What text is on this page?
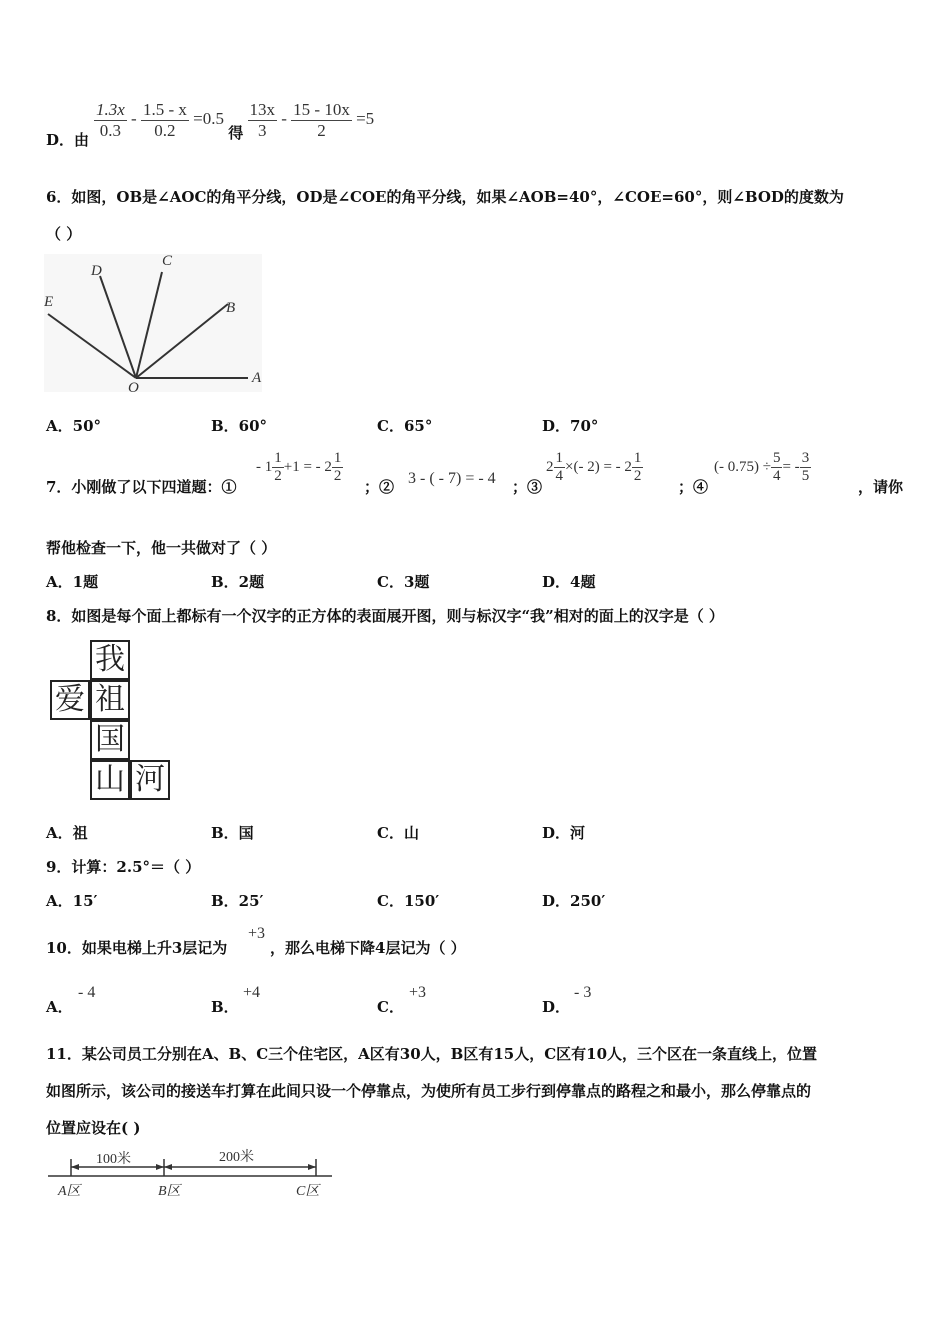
D．由 $\frac{1.3x}{0.3} - \frac{1.5 - x}{0.2} =0.5$ 得 $\frac{13x}{3} - \frac{15 - 10x}{2} =5$
6．如图，OB是∠AOC的角平分线，OD是∠COE的角平分线，如果∠AOB=40°，∠COE=60°，则∠BOD的度数为
（ ）
D
C
E	B
O
A
A．50°	B．60°	C．65°	D．70°
7．小刚做了以下四道题：①
- $1 \frac{1}{2} +1$ = - $2 \frac{1}{2}$
；② 3 - ( - 7) = - 4 ；③
$2 \frac{1}{4}$ ×(- 2) = - $2 \frac{1}{2}$
；④
(- $0.75) \div \frac{5}{4}$ = - $\frac{3}{5}$
，请你
帮他检查一下，他一共做对了（ ）
A．1题	B．2题	C．3题	D．4题
8．如图是每个面上都标有一个汉字的正方体的表面展开图，则与标汉字“我”相对的面上的汉字是（ ）
我
爱 祖
国
山 河
A．祖	B．国	C．山	D．河
9．计算：2.5°＝（ ）
A．15′	B．25′	C．150′	D．250′
10．如果电梯上升3层记为
+3
，那么电梯下降4层记为（ ）
A．
- 4
B．
+4
C．
+3
D．
- 3
11．某公司员工分别在A、B、C三个住宅区，A区有30人，B区有15人，C区有10人，三个区在一条直线上，位置
如图所示，该公司的接送车打算在此间只设一个停靠点，为使所有员工步行到停靠点的路程之和最小，那么停靠点的
位置应设在( )
100米	200米
A区	B区	C区
